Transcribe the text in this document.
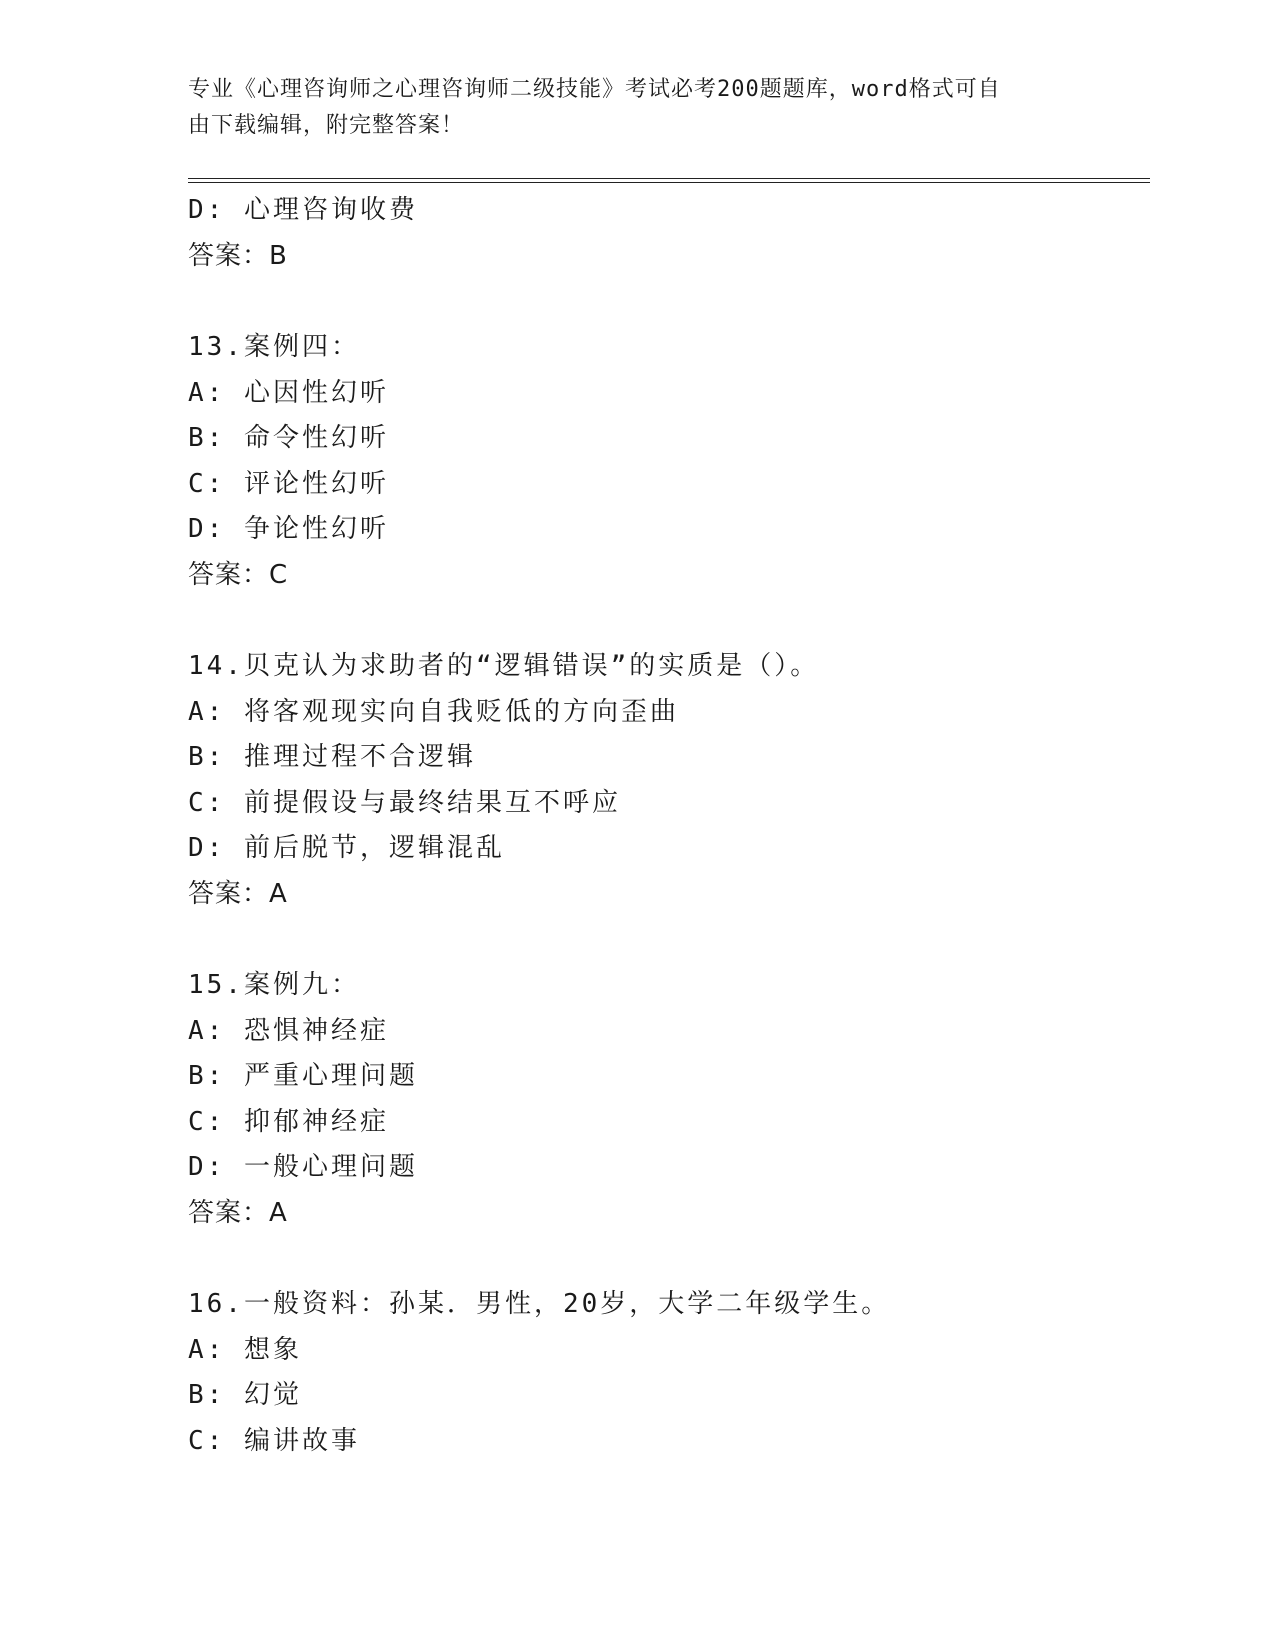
专业《心理咨询师之心理咨询师二级技能》考试必考200题题库，word格式可自
由下载编辑，附完整答案！
D: 心理咨询收费
答案：B
13.案例四：
A: 心因性幻听
B: 命令性幻听
C: 评论性幻听
D: 争论性幻听
答案：C
14.贝克认为求助者的“逻辑错误”的实质是（）。
A: 将客观现实向自我贬低的方向歪曲
B: 推理过程不合逻辑
C: 前提假设与最终结果互不呼应
D: 前后脱节，逻辑混乱
答案：A
15.案例九：
A: 恐惧神经症
B: 严重心理问题
C: 抑郁神经症
D: 一般心理问题
答案：A
16.一般资料：孙某．男性，20岁，大学二年级学生。
A: 想象
B: 幻觉
C: 编讲故事
